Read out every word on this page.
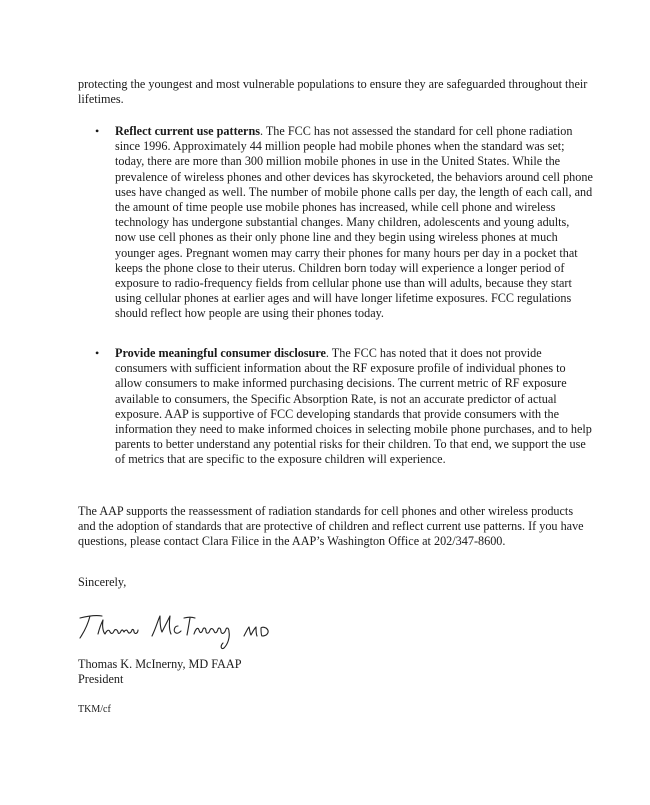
protecting the youngest and most vulnerable populations to ensure they are safeguarded throughout their lifetimes.
•	Reflect current use patterns. The FCC has not assessed the standard for cell phone radiation since 1996. Approximately 44 million people had mobile phones when the standard was set; today, there are more than 300 million mobile phones in use in the United States. While the prevalence of wireless phones and other devices has skyrocketed, the behaviors around cell phone uses have changed as well. The number of mobile phone calls per day, the length of each call, and the amount of time people use mobile phones has increased, while cell phone and wireless technology has undergone substantial changes. Many children, adolescents and young adults, now use cell phones as their only phone line and they begin using wireless phones at much younger ages. Pregnant women may carry their phones for many hours per day in a pocket that keeps the phone close to their uterus. Children born today will experience a longer period of exposure to radio-frequency fields from cellular phone use than will adults, because they start using cellular phones at earlier ages and will have longer lifetime exposures. FCC regulations should reflect how people are using their phones today.
•	Provide meaningful consumer disclosure. The FCC has noted that it does not provide consumers with sufficient information about the RF exposure profile of individual phones to allow consumers to make informed purchasing decisions. The current metric of RF exposure available to consumers, the Specific Absorption Rate, is not an accurate predictor of actual exposure. AAP is supportive of FCC developing standards that provide consumers with the information they need to make informed choices in selecting mobile phone purchases, and to help parents to better understand any potential risks for their children. To that end, we support the use of metrics that are specific to the exposure children will experience.
The AAP supports the reassessment of radiation standards for cell phones and other wireless products and the adoption of standards that are protective of children and reflect current use patterns. If you have questions, please contact Clara Filice in the AAP’s Washington Office at 202/347-8600.
Sincerely,
Thomas K. McInerny, MD FAAP
President
TKM/cf
